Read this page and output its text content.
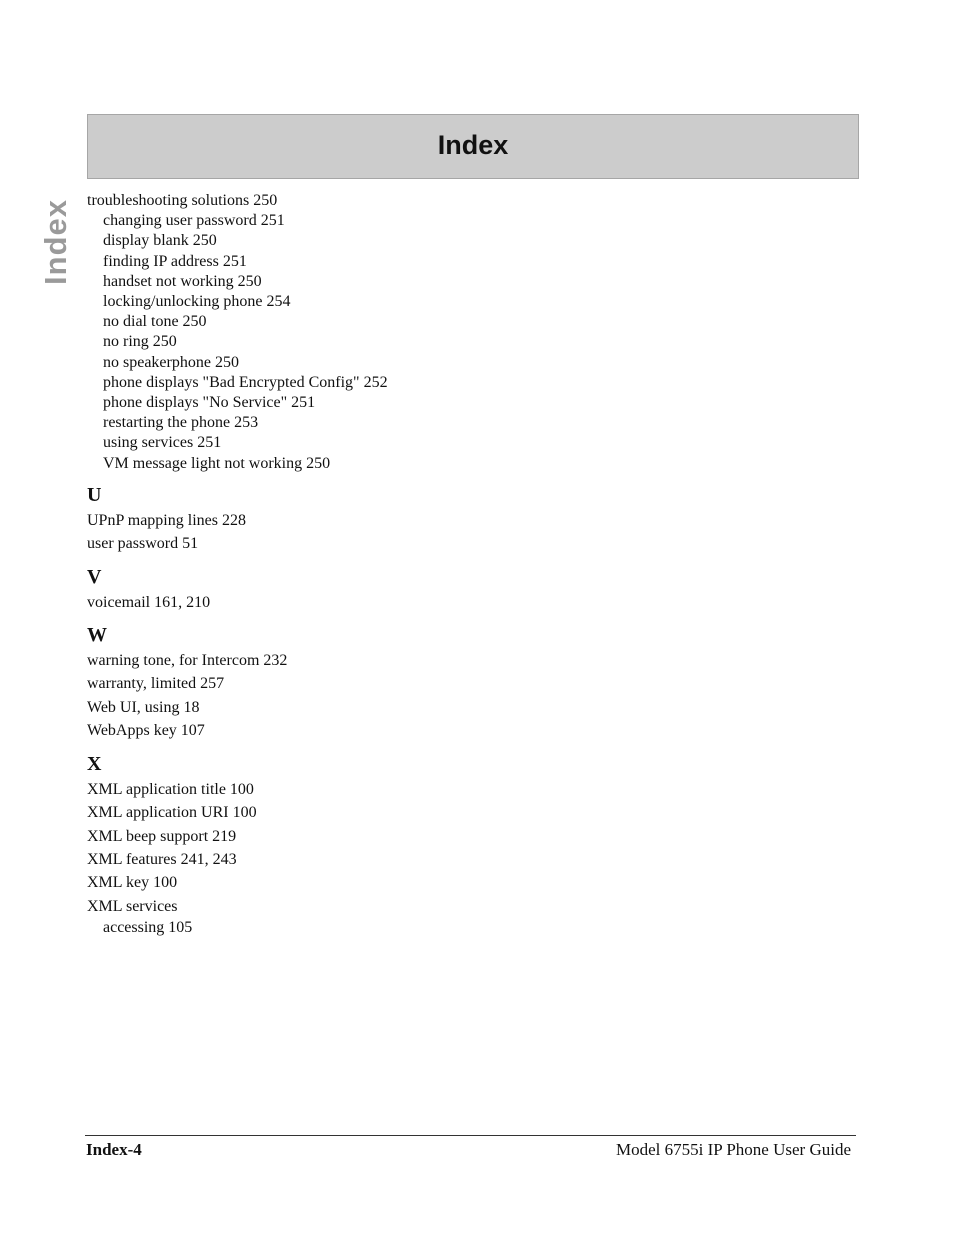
Index
Index
troubleshooting solutions 250
changing user password 251
display blank 250
finding IP address 251
handset not working 250
locking/unlocking phone 254
no dial tone 250
no ring 250
no speakerphone 250
phone displays "Bad Encrypted Config" 252
phone displays "No Service" 251
restarting the phone 253
using services 251
VM message light not working 250
U
UPnP mapping lines 228
user password 51
V
voicemail 161, 210
W
warning tone, for Intercom 232
warranty, limited 257
Web UI, using 18
WebApps key 107
X
XML application title 100
XML application URI 100
XML beep support 219
XML features 241, 243
XML key 100
XML services
accessing 105
Index-4	Model 6755i IP Phone User Guide
